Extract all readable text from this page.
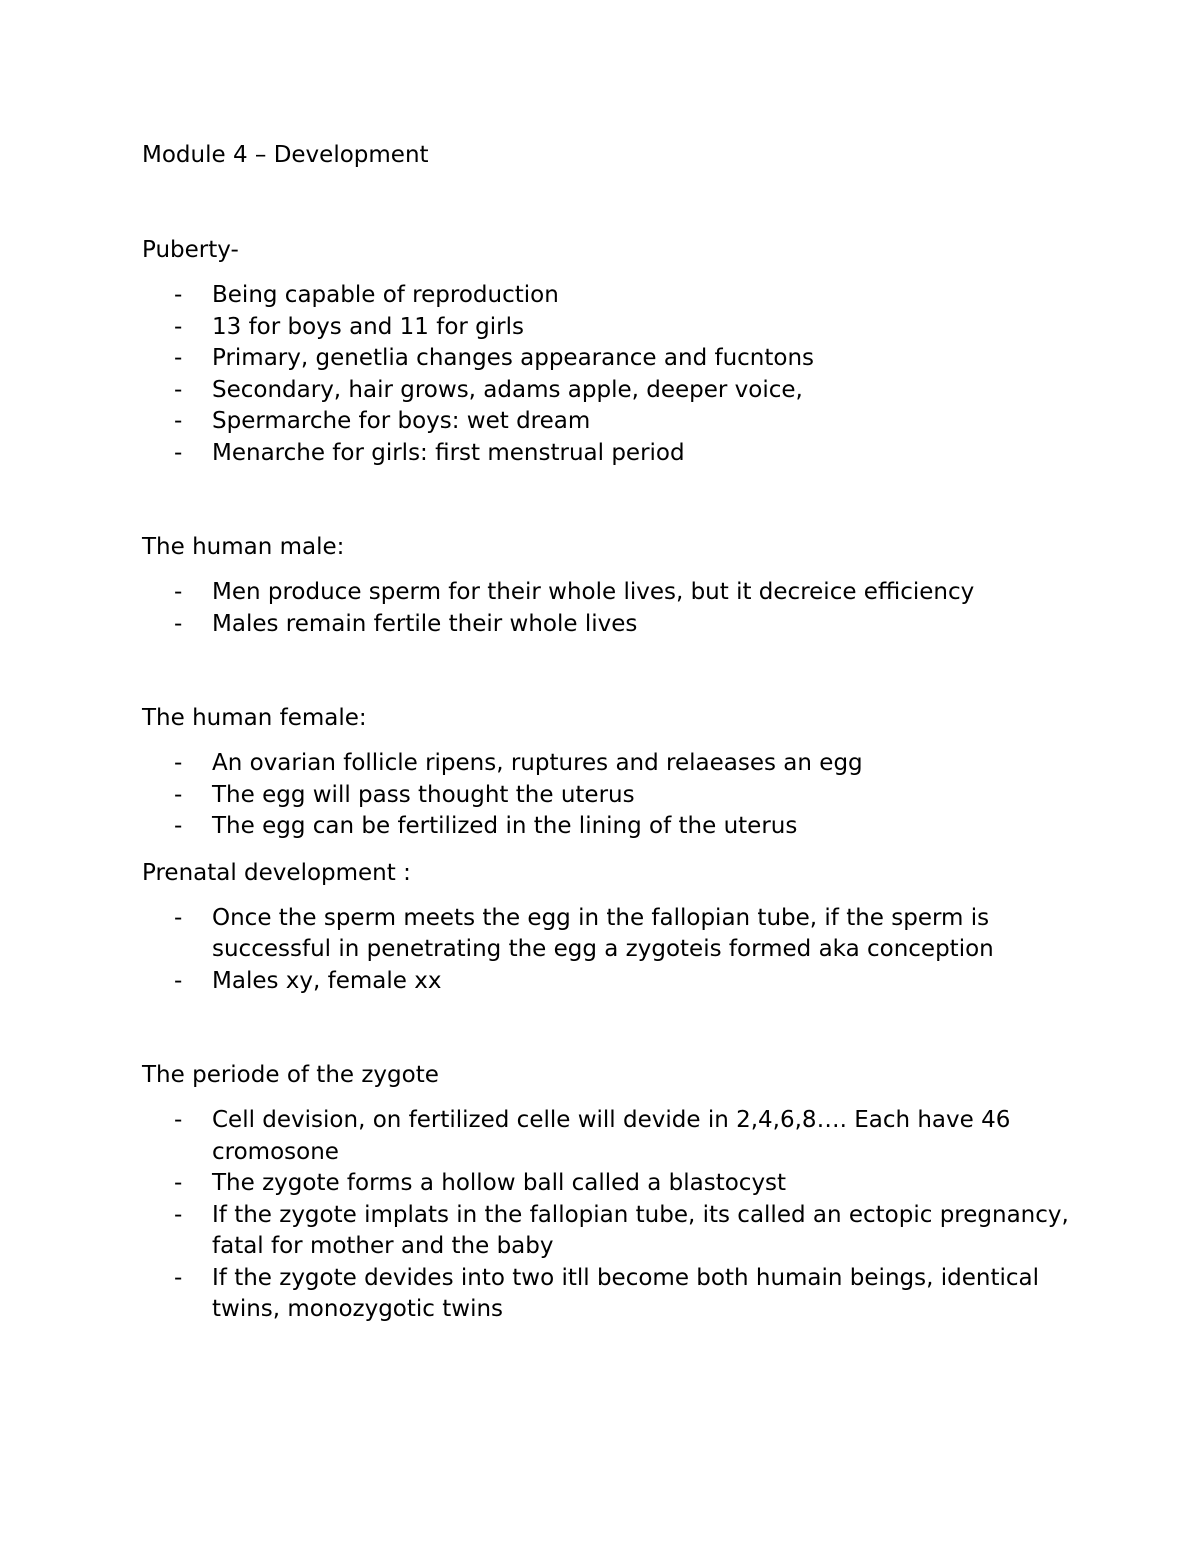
Module 4 – Development

Puberty-

- Being capable of reproduction
- 13 for boys and 11 for girls
- Primary, genetlia changes appearance and fucntons
- Secondary, hair grows, adams apple, deeper voice,
- Spermarche for boys: wet dream
- Menarche for girls: first menstrual period

The human male:

- Men produce sperm for their whole lives, but it decreice efficiency
- Males remain fertile their whole lives

The human female:

- An ovarian follicle ripens, ruptures and relaeases an egg
- The egg will pass thought the uterus
- The egg can be fertilized in the lining of the uterus

Prenatal development :

- Once the sperm meets the egg in the fallopian tube, if the sperm is successful in penetrating the egg a zygoteis formed aka conception
- Males xy, female xx

The periode of the zygote

- Cell devision, on fertilized celle will devide in 2,4,6,8…. Each have 46 cromosone
- The zygote forms a hollow ball called a blastocyst
- If the zygote implats in the fallopian tube, its called an ectopic pregnancy, fatal for mother and the baby
- If the zygote devides into two itll become both humain beings, identical twins, monozygotic twins
